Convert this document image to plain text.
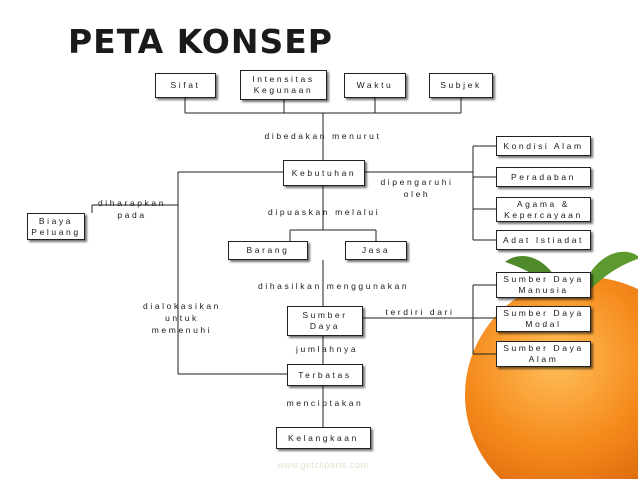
PETA KONSEP
Sifat
Intensitas Kegunaan	Waktu	Subjek
dibedakan menurut
Kebutuhan
dipengaruhi oleh
Kondisi Alam
Peradaban
Agama & Kepercayaan
Adat Istiadat
diharapkan pada
Biaya Peluang
dipuaskan melalui
Barang	Jasa
dihasilkan menggunakan
Sumber Daya Manusia
dialokasikan untuk memenuhi
Sumber Daya
terdiri dari	Sumber Daya Modal
Sumber Daya Alam
jumlahnya
Terbatas
menciptakan
Kelangkaan
www.getcliparts.com
